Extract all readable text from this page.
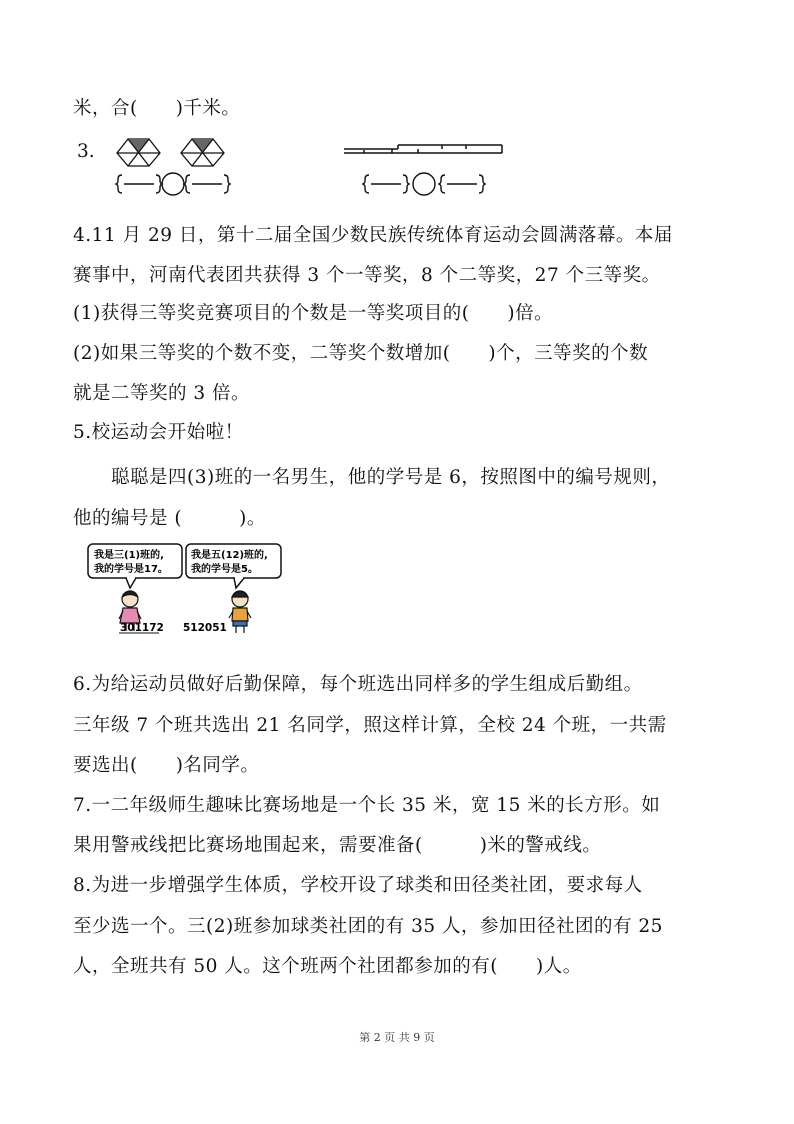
米，合(　　)千米。
3.
4.11 月 29 日，第十二届全国少数民族传统体育运动会圆满落幕。本届
赛事中，河南代表团共获得 3 个一等奖，8 个二等奖，27 个三等奖。
(1)获得三等奖竞赛项目的个数是一等奖项目的(　　)倍。
(2)如果三等奖的个数不变，二等奖个数增加(　　)个，三等奖的个数
就是二等奖的 3 倍。
5.校运动会开始啦！
　　聪聪是四(3)班的一名男生，他的学号是 6，按照图中的编号规则，
他的编号是 (　　　)。
我是三(1)班的,
我的学号是17。
我是五(12)班的,
我的学号是5。
301172 512051
6.为给运动员做好后勤保障，每个班选出同样多的学生组成后勤组。
三年级 7 个班共选出 21 名同学，照这样计算，全校 24 个班，一共需
要选出(　　)名同学。
7.一二年级师生趣味比赛场地是一个长 35 米，宽 15 米的长方形。如
果用警戒线把比赛场地围起来，需要准备(　　　)米的警戒线。
8.为进一步增强学生体质，学校开设了球类和田径类社团，要求每人
至少选一个。三(2)班参加球类社团的有 35 人，参加田径社团的有 25
人，全班共有 50 人。这个班两个社团都参加的有(　　)人。
第 2 页 共 9 页
